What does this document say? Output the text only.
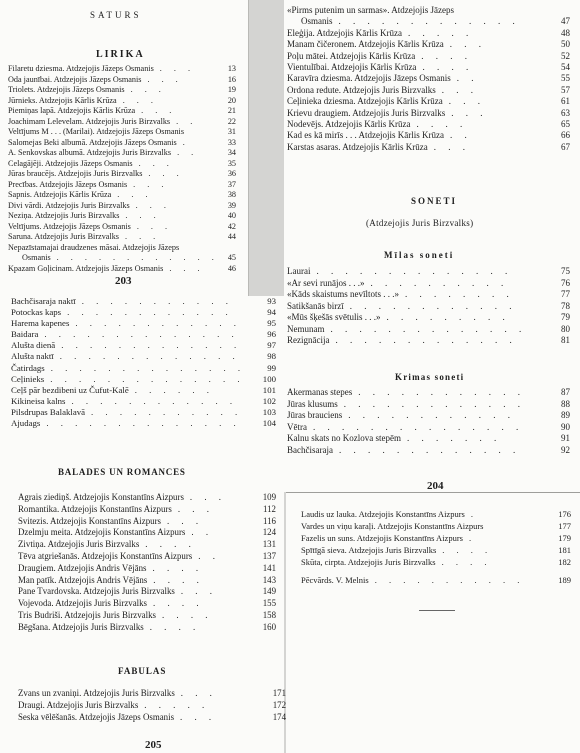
SATURS
LIRIKA
Filaretu dziesma. Atdzejojis Jāzeps Osmanis . . .	13
Oda jaunībai. Atdzejojis Jāzeps Osmanis . . .	16
Triolets. Atdzejojis Jāzeps Osmanis . . .	19
Jūrnieks. Atdzejojis Kārlis Krūza . . .	20
Piemiņas lapā. Atdzejojis Kārlis Krūza . . .	21
Joachimam Lelevelam. Atdzejojis Juris Birzvalks . .	22
Veltījums M . . . (Marilai). Atdzejojis Jāzeps Osmanis	31
Salomejas Beki albumā. Atdzejojis Jāzeps Osmanis .	33
A. Senkovskas albumā. Atdzejojis Juris Birzvalks . .	34
Celagājēji. Atdzejojis Jāzeps Osmanis . . .	35
Jūras braucējs. Atdzejojis Juris Birzvalks . . .	36
Precības. Atdzejojis Jāzeps Osmanis . . .	37
Sapnis. Atdzejojis Kārlis Krūza . . .	38
Divi vārdi. Atdzejojis Juris Birzvalks . . .	39
Neziņa. Atdzejojis Juris Birzvalks . . .	40
Veltījums. Atdzejojis Jāzeps Osmanis . . .	42
Saruna. Atdzejojis Juris Birzvalks . . .	44
Nepazīstamajai draudzenes māsai. Atdzejojis Jāzeps
Osmanis . . . . . . . . . . . . 45
Kpazam Goļicinam. Atdzejojis Jāzeps Osmanis . . .	46
203
Bachčisaraja naktī . . . . . . . . . . .	93
Potockas kaps . . . . . . . . . . . .	94
Harema kapenes . . . . . . . . . . . .	95
Baidara . . . . . . . . . . . . . .	96
Alušta dienā . . . . . . . . . . . . .	97
Alušta naktī . . . . . . . . . . . . .	98
Čatirdags . . . . . . . . . . . . . .	99
Ceļinieks . . . . . . . . . . . . . . 100
Ceļš pār bezdibeni uz Čufut-Kalē . . . . . .	101
Kikineisa kalns . . . . . . . . . . . .	102
Pilsdrupas Balaklavā . . . . . . . . . . . 103
Ajudags . . . . . . . . . . . . . .	104
BALADES UN ROMANCES
Agrais ziediņš. Atdzejojis Konstantīns Aizpurs . . .	109
Romantika. Atdzejojis Konstantīns Aizpurs . . .	112
Svitezis. Atdzejojis Konstantīns Aizpurs . . .	116
Dzelmju meita. Atdzejojis Konstantīns Aizpurs . .	124
Zivtiņa. Atdzejojis Juris Birzvalks . . . .	131
Tēva atgriešanās. Atdzejojis Konstantīns Aizpurs . .	137
Draugiem. Atdzejojis Andris Vējāns . . . .	141
Man patīk. Atdzejojis Andris Vējāns . . . .	143
Pane Tvardovska. Atdzejojis Juris Birzvalks . . .	149
Vojevoda. Atdzejojis Juris Birzvalks . . . .	155
Tris Budriši. Atdzejojis Juris Birzvalks . . . .	158
Bēgšana. Atdzejojis Juris Birzvalks . . . .	160
FABULAS
Zvans un zvaniņi. Atdzejojis Juris Birzvalks . . .	171
Draugi. Atdzejojis Juris Birzvalks . . . . .	172
Seska vēlēšanās. Atdzejojis Jāzeps Osmanis . . .	174
205
«Pirms putenim un sarmas». Atdzejojis Jāzeps
Osmanis . . . . . . . . . . . . .	47
Eleģija. Atdzejojis Kārlis Krūza . . . . .	48
Manam čičeronem. Atdzejojis Kārlis Krūza . . .	50
Poļu mātei. Atdzejojis Kārlis Krūza . . . .	52
Vientulībai. Atdzejojis Kārlis Krūza . . . .	54
Karavīra dziesma. Atdzejojis Jāzeps Osmanis . .	55
Ordona redute. Atdzejojis Juris Birzvalks . . .	57
Ceļinieka dziesma. Atdzejojis Kārlis Krūza . . .	61
Krievu draugiem. Atdzejojis Juris Birzvalks . . .	63
Nodevējs. Atdzejojis Kārlis Krūza . . . .	65
Kad es kā mirīs . . . Atdzejojis Kārlis Krūza . .	66
Karstas asaras. Atdzejojis Kārlis Krūza . . .	67
SONETI
(Atdzejojis Juris Birzvalks)
Mīlas soneti
Laurai . . . . . . . . . . . . . .	75
«Ar sevi runājos . . .» . . . . . . . . . .	76
«Kāds skaistums nevīltots . . .» . . . . . . . .	77
Satikšanās birzī . . . . . . . . . . . .	78
«Mūs šķešās svētulis . . .» . . . . . . . . .	79
Nemunam . . . . . . . . . . . . . .	80
Rezignācija . . . . . . . . . . . . .	81
Krimas soneti
Akermanas stepes . . . . . . . . . . . .	87
Jūras klusums . . . . . . . . . . . . .	88
Jūras brauciens . . . . . . . . . . . .	89
Vētra . . . . . . . . . . . . . . .	90
Kalnu skats no Kozlova stepēm . . . . . . .	91
Bachčisaraja . . . . . . . . . . . . .	92
204
Laudis uz lauka. Atdzejojis Konstantīns Aizpurs .	176
Vardes un viņu karaļi. Atdzejojis Konstantīns Aizpurs	177
Fazelis un suns. Atdzejojis Konstantīns Aizpurs .	179
Spītīgā sieva. Atdzejojis Juris Birzvalks . . . .	181
Skūta, cirpta. Atdzejojis Juris Birzvalks . . . .	182
Pēcvārds. V. Melnis . . . . . . . . . . .	189
